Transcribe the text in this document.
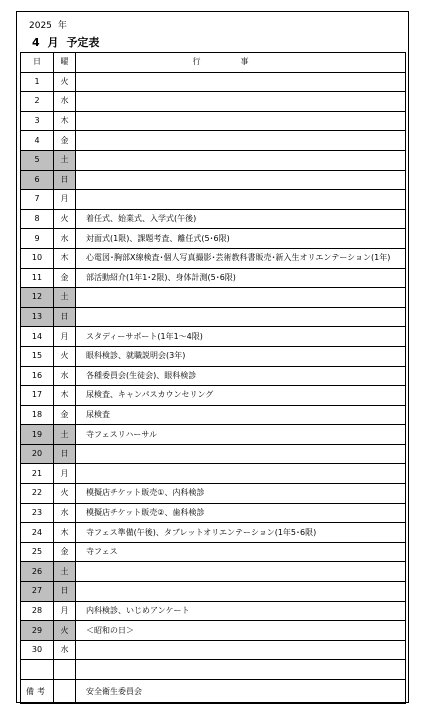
2025 年
4 月 予定表
日	曜	行事
1	火	
2	水	
3	木	
4	金	
5	土	
6	日	
7	月	
8	火	着任式、始業式、入学式(午後)
9	水	対面式(1限)、課題考査、離任式(5･6限)
10	木	心電図･胸部X線検査･個人写真撮影･芸術教科書販売･新入生オリエンテーション(1年)
11	金	部活動紹介(1年1･2限)、身体計測(5･6限)
12	土	
13	日	
14	月	スタディーサポート(1年1～4限)
15	火	眼科検診、就職説明会(3年)
16	水	各種委員会(生徒会)、眼科検診
17	木	尿検査、キャンパスカウンセリング
18	金	尿検査
19	土	寺フェスリハーサル
20	日	
21	月	
22	火	模擬店チケット販売①、内科検診
23	水	模擬店チケット販売②、歯科検診
24	木	寺フェス準備(午後)、タブレットオリエンテーション(1年5･6限)
25	金	寺フェス
26	土	
27	日	
28	月	内科検診、いじめアンケート
29	火	＜昭和の日＞
30	水	

備考		安全衛生委員会
